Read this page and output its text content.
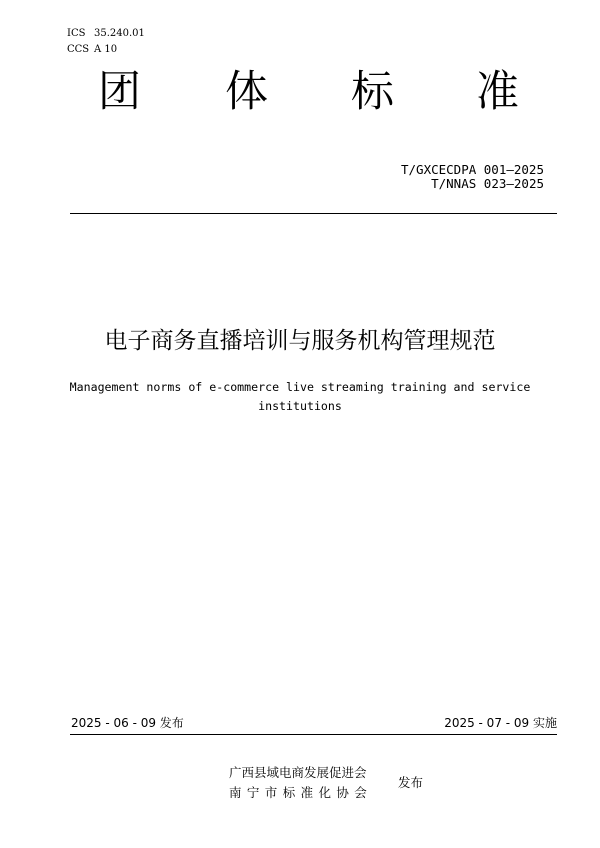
ICS 35.240.01
CCS A 10
团 体 标 准
T/GXCECDPA 001—2025
T/NNAS 023—2025
电子商务直播培训与服务机构管理规范
Management norms of e-commerce live streaming training and service institutions
2025 - 06 - 09 发布	2025 - 07 - 09 实施
广西县域电商发展促进会
南宁市标准化协会
发布
